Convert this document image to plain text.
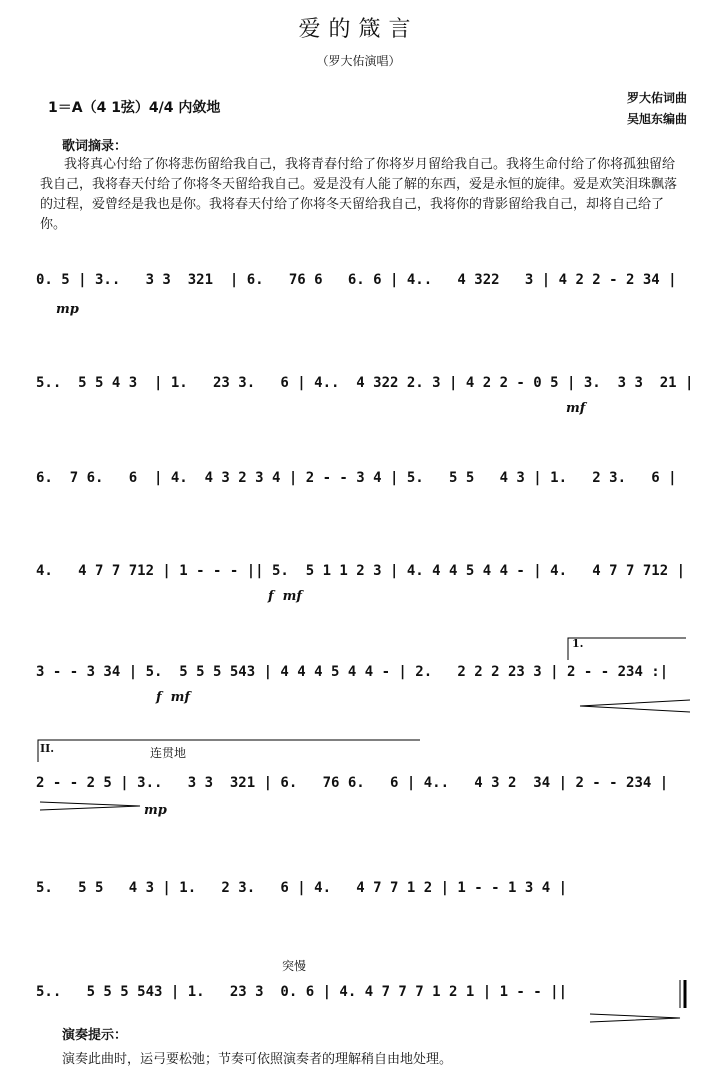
爱的箴言
（罗大佑演唱）
1＝A（4 1弦）4/4 内敛地
罗大佑词曲
吴旭东编曲
歌词摘录：
我将真心付给了你将悲伤留给我自己，我将青春付给了你将岁月留给我自己。我将生命付给了你将孤独留给我自己，我将春天付给了你将冬天留给我自己。爱是没有人能了解的东西，爱是永恒的旋律。爱是欢笑泪珠飘落的过程，爱曾经是我也是你。我将春天付给了你将冬天留给我自己，我将你的背影留给我自己，却将自己给了你。

0. 5 | 3..   3 3  321  | 6.   76 6   6. 6 | 4..   4 322   3 | 4 2 2 - 2 34 |

mp

5..  5 5 4 3  | 1.   23 3.   6 | 4..  4 322 2. 3 | 4 2 2 - 0 5 | 3.  3 3  21 |

mf

6.  7 6.   6  | 4.  4 3 2 3 4 | 2 - - 3 4 | 5.   5 5   4 3 | 1.   2 3.   6 |

4.   4 7 7 712 | 1 - - - || 5.  5 1 1 2 3 | 4. 4 4 5 4 4 - | 4.   4 7 7 712 |

f  mf

3 - - 3 34 | 5.  5 5 5 543 | 4 4 4 5 4 4 - | 2.   2 2 2 23 3 | 2 - - 234 :|

f  mf

II.	连贯地
1.

2 - - 2 5 | 3..   3 3  321 | 6.   76 6.   6 | 4..   4 3 2  34 | 2 - - 234 |

mp

5.   5 5   4 3 | 1.   2 3.   6 | 4.   4 7 7 1 2 | 1 - - 1 3 4 |

突慢

5..   5 5 5 543 | 1.   23 3  0. 6 | 4. 4 7 7 7 1 2 1 | 1 - - ||

演奏提示：
演奏此曲时，运弓要松弛；节奏可依照演奏者的理解稍自由地处理。
